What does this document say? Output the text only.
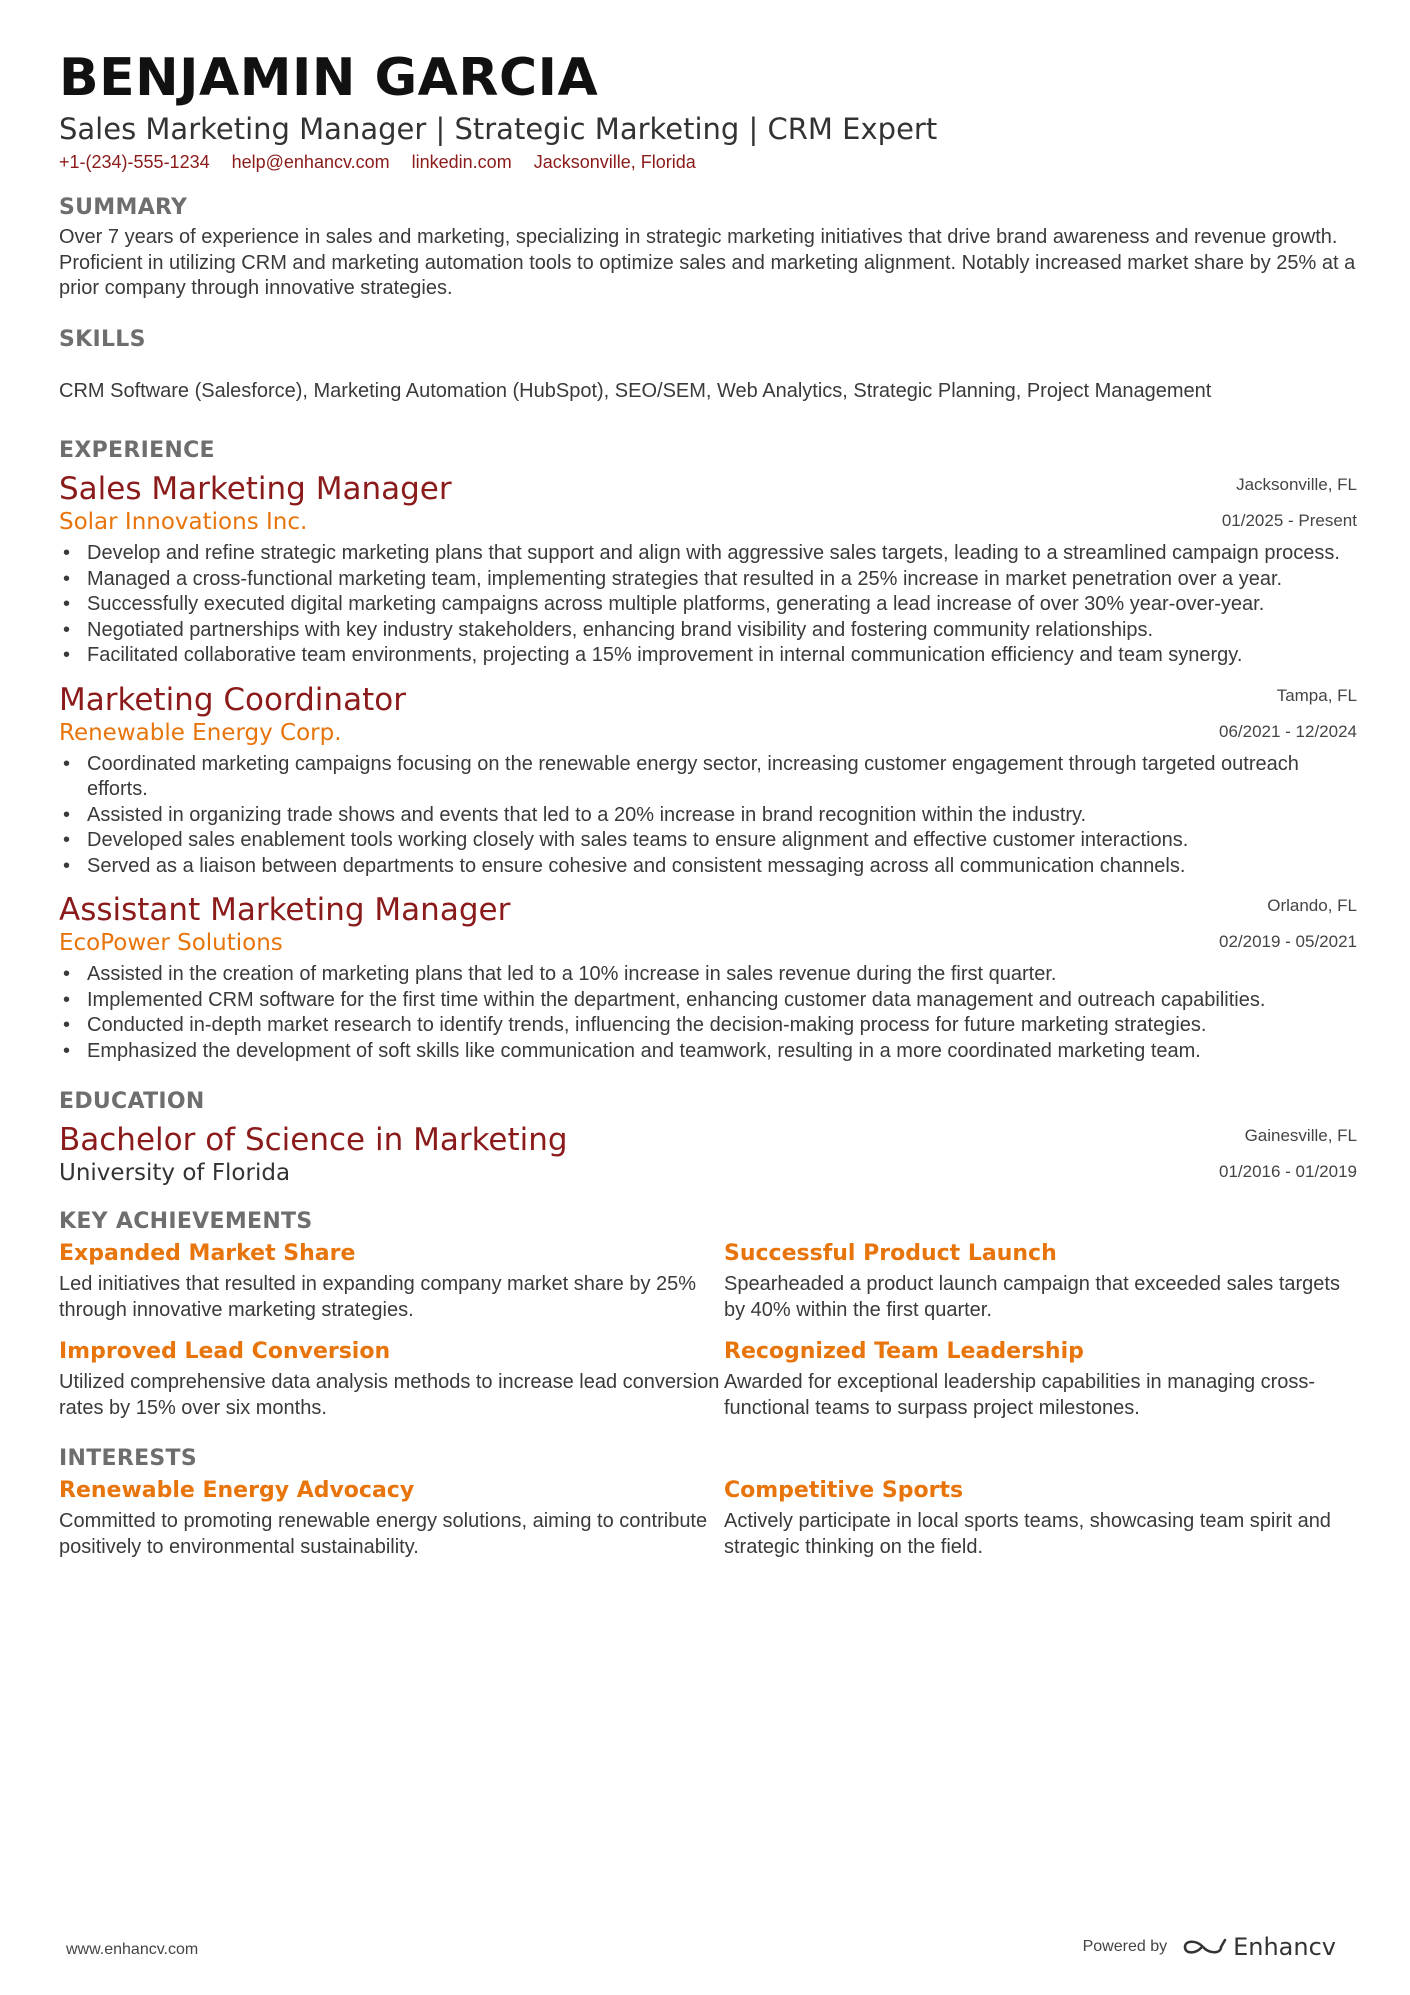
BENJAMIN GARCIA
Sales Marketing Manager | Strategic Marketing | CRM Expert
+1-(234)-555-1234 help@enhancv.com linkedin.com Jacksonville, Florida
SUMMARY
Over 7 years of experience in sales and marketing, specializing in strategic marketing initiatives that drive brand awareness and revenue growth. Proficient in utilizing CRM and marketing automation tools to optimize sales and marketing alignment. Notably increased market share by 25% at a prior company through innovative strategies.
SKILLS
CRM Software (Salesforce), Marketing Automation (HubSpot), SEO/SEM, Web Analytics, Strategic Planning, Project Management
EXPERIENCE
Jacksonville, FL
01/2025 - Present
Sales Marketing Manager
Solar Innovations Inc.
• Develop and refine strategic marketing plans that support and align with aggressive sales targets, leading to a streamlined campaign process.
• Managed a cross-functional marketing team, implementing strategies that resulted in a 25% increase in market penetration over a year.
• Successfully executed digital marketing campaigns across multiple platforms, generating a lead increase of over 30% year-over-year.
• Negotiated partnerships with key industry stakeholders, enhancing brand visibility and fostering community relationships.
• Facilitated collaborative team environments, projecting a 15% improvement in internal communication efficiency and team synergy.
Tampa, FL
06/2021 - 12/2024
Marketing Coordinator
Renewable Energy Corp.
• Coordinated marketing campaigns focusing on the renewable energy sector, increasing customer engagement through targeted outreach efforts.
• Assisted in organizing trade shows and events that led to a 20% increase in brand recognition within the industry.
• Developed sales enablement tools working closely with sales teams to ensure alignment and effective customer interactions.
• Served as a liaison between departments to ensure cohesive and consistent messaging across all communication channels.
Orlando, FL
02/2019 - 05/2021
Assistant Marketing Manager
EcoPower Solutions
• Assisted in the creation of marketing plans that led to a 10% increase in sales revenue during the first quarter.
• Implemented CRM software for the first time within the department, enhancing customer data management and outreach capabilities.
• Conducted in-depth market research to identify trends, influencing the decision-making process for future marketing strategies.
• Emphasized the development of soft skills like communication and teamwork, resulting in a more coordinated marketing team.
EDUCATION
Gainesville, FL
01/2016 - 01/2019
Bachelor of Science in Marketing
University of Florida
KEY ACHIEVEMENTS
Expanded Market Share
Led initiatives that resulted in expanding company market share by 25% through innovative marketing strategies.
Successful Product Launch
Spearheaded a product launch campaign that exceeded sales targets by 40% within the first quarter.
Improved Lead Conversion
Utilized comprehensive data analysis methods to increase lead conversion rates by 15% over six months.
Recognized Team Leadership
Awarded for exceptional leadership capabilities in managing cross-functional teams to surpass project milestones.
INTERESTS
Renewable Energy Advocacy
Committed to promoting renewable energy solutions, aiming to contribute positively to environmental sustainability.
Competitive Sports
Actively participate in local sports teams, showcasing team spirit and strategic thinking on the field.
www.enhancv.com	Powered by	Enhancv
